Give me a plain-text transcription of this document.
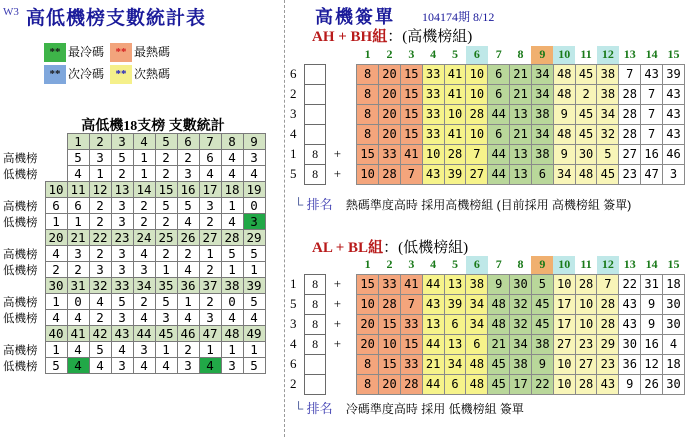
W3 高低機榜支數統計表
** 最冷碼 ** 最熱碼
** 次冷碼 ** 次熱碼
高低機18支榜 支數統計
		1	2	3	4	5	6	7	8	9
高機榜		5	3	5	1	2	2	6	4	3
低機榜		4	1	2	1	2	3	4	4	4
	10	11	12	13	14	15	16	17	18	19
高機榜	6	6	2	3	2	5	5	3	1	0
低機榜	1	1	2	3	2	2	4	2	4	3
	20	21	22	23	24	25	26	27	28	29
高機榜	4	3	2	3	4	2	2	1	5	5
低機榜	2	2	3	3	3	1	4	2	1	1
	30	31	32	33	34	35	36	37	38	39
高機榜	1	0	4	5	2	5	1	2	0	5
低機榜	4	4	2	3	4	3	4	3	4	4
	40	41	42	43	44	45	46	47	48	49
高機榜	1	4	5	4	3	1	2	1	1	1
低機榜	5	4	4	3	4	4	3	4	3	5
高機簽單 104174期 8/12
AH + BH組：(高機榜組)
				1	2	3	4	5	6	7	8	9	10	11	12	13	14	15
6				8	20	15	33	41	10	6	21	34	48	45	38	7	43	39
2				8	20	15	33	41	10	6	21	34	48	2	38	28	7	43
3				8	20	15	33	10	28	44	13	38	9	45	34	28	7	43
4				8	20	15	33	41	10	6	21	34	48	45	32	28	7	43
1	8	+		15	33	41	10	28	7	44	13	38	9	30	5	27	16	46
5	8	+		10	28	7	43	39	27	44	13	6	34	48	45	23	47	3
└ 排名 熱碼準度高時 採用高機榜組 (目前採用 高機榜組 簽單)
AL + BL組：(低機榜組)
				1	2	3	4	5	6	7	8	9	10	11	12	13	14	15
1	8	+		15	33	41	44	13	38	9	30	5	10	28	7	22	31	18
5	8	+		10	28	7	43	39	34	48	32	45	17	10	28	43	9	30
3	8	+		20	15	33	13	6	34	48	32	45	17	10	28	43	9	30
4	8	+		20	10	15	44	13	6	21	34	38	27	23	29	30	16	4
6				8	15	33	21	34	48	45	38	9	10	27	23	36	12	18
2				8	20	28	44	6	48	45	17	22	10	28	43	9	26	30
└ 排名 冷碼準度高時 採用 低機榜組 簽單
